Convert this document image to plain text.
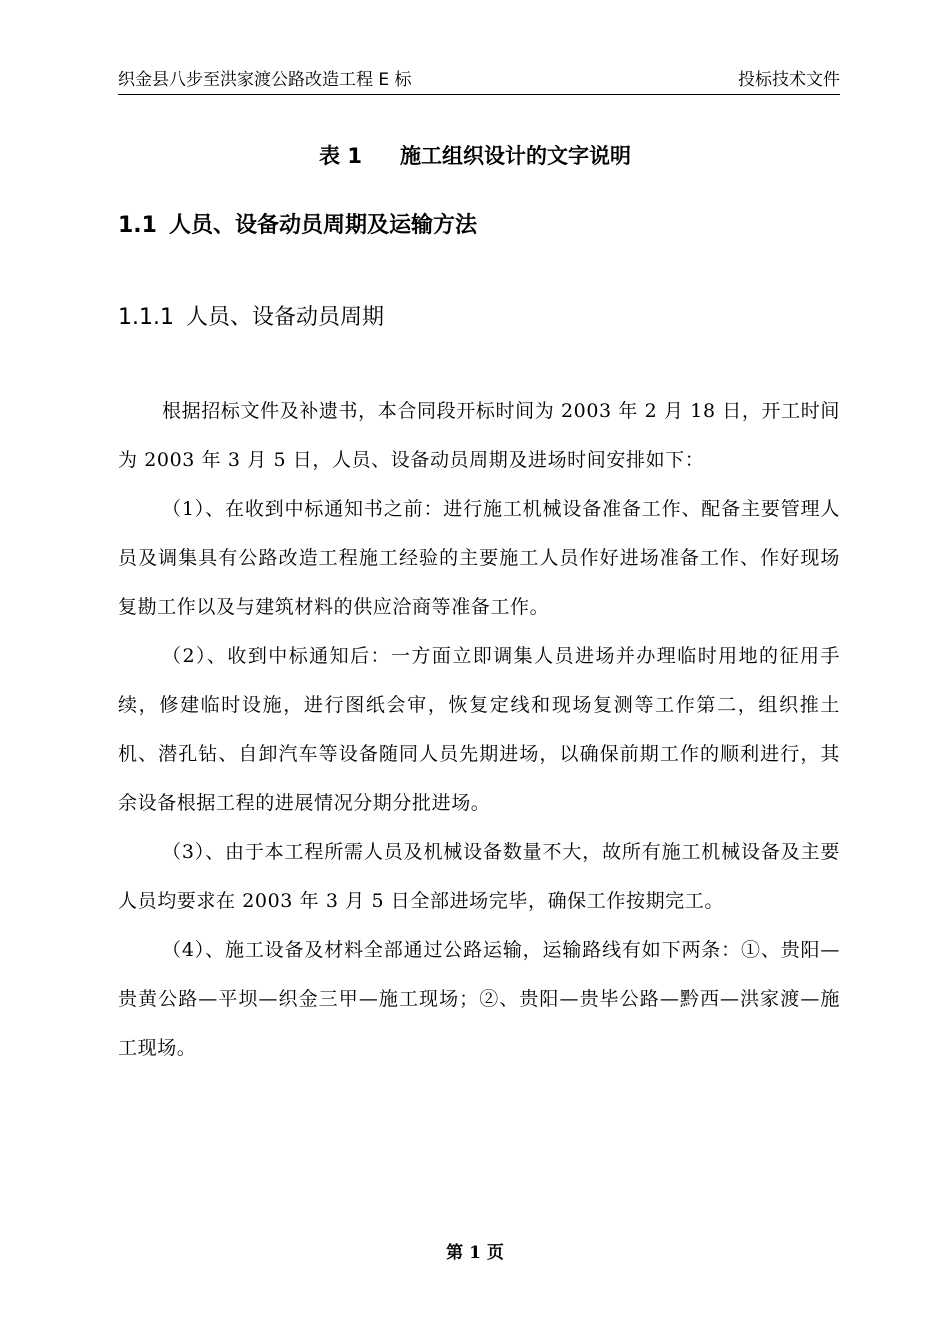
织金县八步至洪家渡公路改造工程 E 标	投标技术文件
表 1 施工组织设计的文字说明
1.1 人员、设备动员周期及运输方法
1.1.1 人员、设备动员周期

根据招标文件及补遗书，本合同段开标时间为 2003 年 2 月 18 日，开工时间为 2003 年 3 月 5 日，人员、设备动员周期及进场时间安排如下：

（1）、在收到中标通知书之前：进行施工机械设备准备工作、配备主要管理人员及调集具有公路改造工程施工经验的主要施工人员作好进场准备工作、作好现场复勘工作以及与建筑材料的供应洽商等准备工作。

（2）、收到中标通知后：一方面立即调集人员进场并办理临时用地的征用手续，修建临时设施，进行图纸会审，恢复定线和现场复测等工作第二，组织推土机、潜孔钻、自卸汽车等设备随同人员先期进场，以确保前期工作的顺利进行，其余设备根据工程的进展情况分期分批进场。

（3）、由于本工程所需人员及机械设备数量不大，故所有施工机械设备及主要人员均要求在 2003 年 3 月 5 日全部进场完毕，确保工作按期完工。

（4）、施工设备及材料全部通过公路运输，运输路线有如下两条：①、贵阳—贵黄公路—平坝—织金三甲—施工现场；②、贵阳—贵毕公路—黔西—洪家渡—施工现场。

第 1 页
